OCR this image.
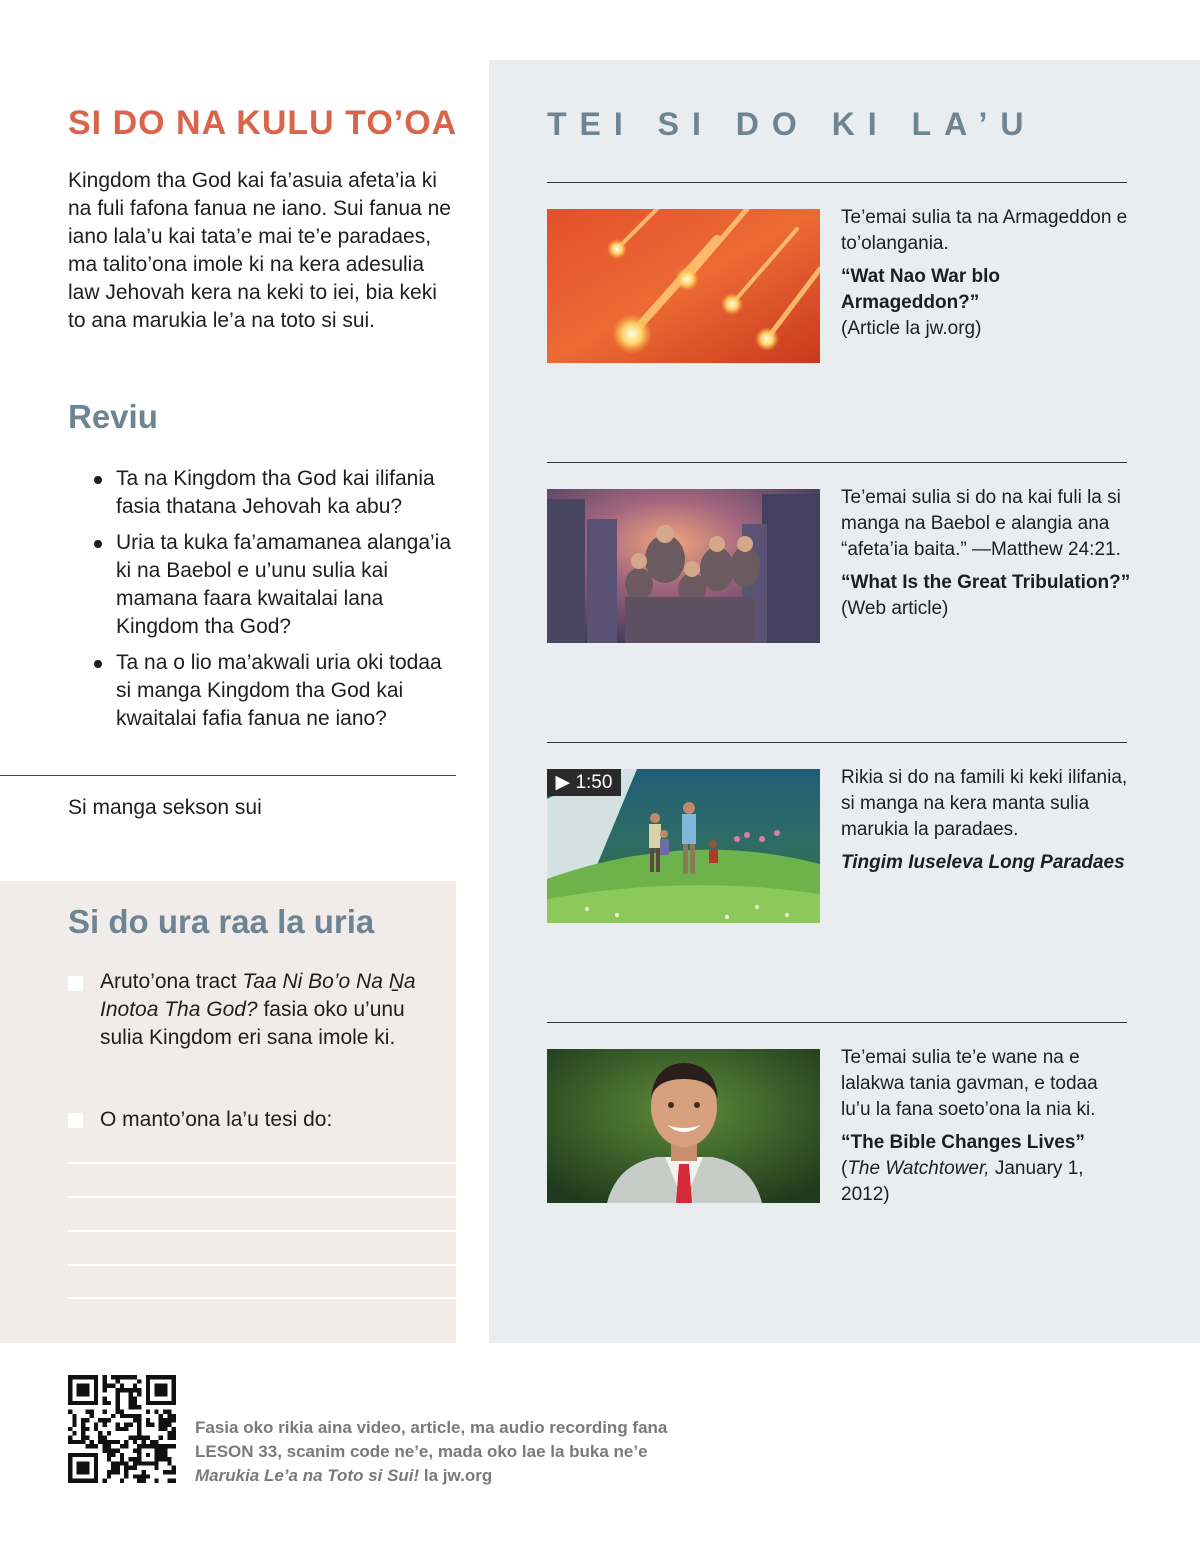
SI DO NA KULU TO’OA

Kingdom tha God kai fa’asuia afeta’ia ki na fuli fafona fanua ne iano. Sui fanua ne iano lala’u kai tata’e mai te’e paradaes, ma talito’ona imole ki na kera adesulia law Jehovah kera na keki to iei, bia keki to ana marukia le’a na toto si sui.

Reviu
Ta na Kingdom tha God kai ilifania fasia thatana Jehovah ka abu?
Uria ta kuka fa’amamanea alanga’ia ki na Baebol e u’unu sulia kai mamana faara kwaitalai lana Kingdom tha God?
Ta na o lio ma’akwali uria oki todaa si manga Kingdom tha God kai kwaitalai fafia fanua ne iano?
Si manga sekson sui
Si do ura raa la uria
Aruto’ona tract Taa Ni Bo’o Na Ṉa Inotoa Tha God? fasia oko u’unu sulia Kingdom eri sana imole ki.
O manto’ona la’u tesi do:
TEI SI DO KI LA’U

Te’emai sulia ta na Armageddon e to’olangania.

“Wat Nao War blo Armageddon?”
(Article la jw.org)

Te’emai sulia si do na kai fuli la si manga na Baebol e alangia ana “afeta’ia baita.” —Matthew 24:21.

“What Is the Great Tribulation?” (Web article)

▶ 1:50	Rikia si do na famili ki keki ilifania, si manga na kera manta sulia marukia la paradaes.

Tingim Iuseleva Long Paradaes

Te’emai sulia te’e wane na e lalakwa tania gavman, e todaa lu’u la fana soeto’ona la nia ki.

“The Bible Changes Lives”
(The Watchtower, January 1, 2012)

Fasia oko rikia aina video, article, ma audio recording fana LESON 33, scanim code ne’e, mada oko lae la buka ne’e Marukia Le’a na Toto si Sui! la jw.org
